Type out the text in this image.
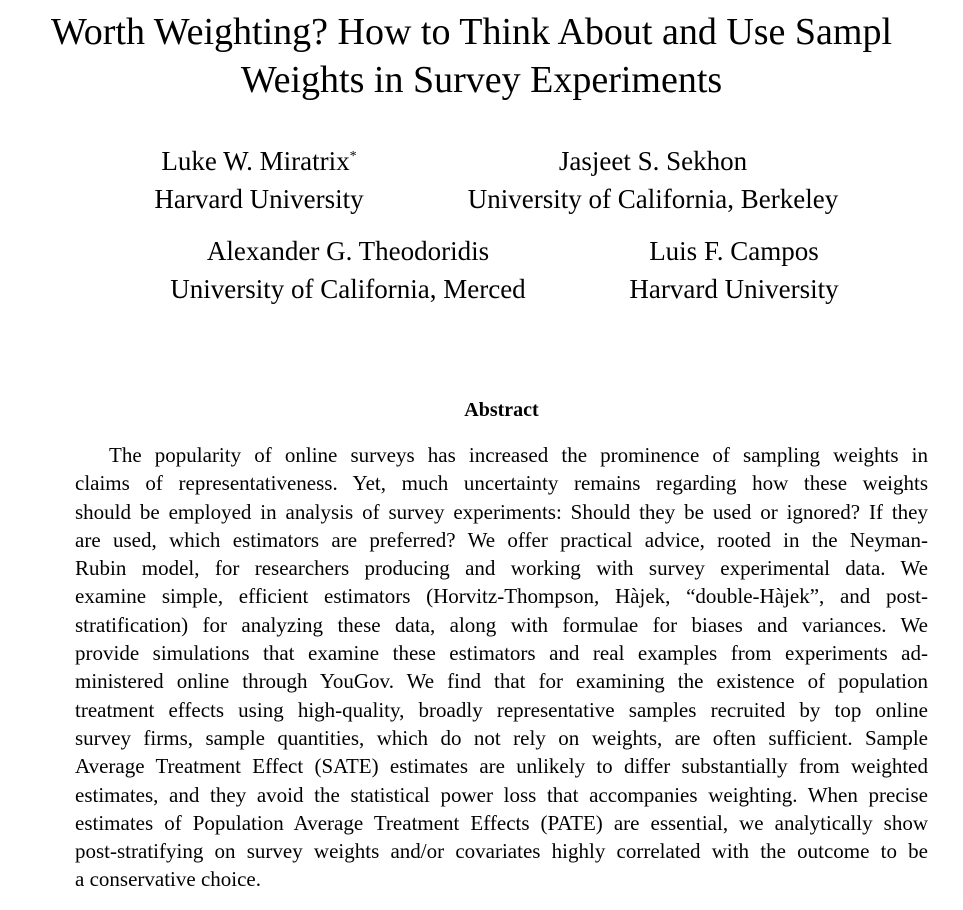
Worth Weighting? How to Think About and Use Sampl
Weights in Survey Experiments
Luke W. Miratrix*
Harvard University
Jasjeet S. Sekhon
University of California, Berkeley
Alexander G. Theodoridis
University of California, Merced
Luis F. Campos
Harvard University
Abstract
The popularity of online surveys has increased the prominence of sampling weights in
claims of representativeness. Yet, much uncertainty remains regarding how these weights
should be employed in analysis of survey experiments: Should they be used or ignored? If they
are used, which estimators are preferred? We offer practical advice, rooted in the Neyman-
Rubin model, for researchers producing and working with survey experimental data. We
examine simple, efficient estimators (Horvitz-Thompson, Hàjek, “double-Hàjek”, and post-
stratification) for analyzing these data, along with formulae for biases and variances. We
provide simulations that examine these estimators and real examples from experiments ad-
ministered online through YouGov. We find that for examining the existence of population
treatment effects using high-quality, broadly representative samples recruited by top online
survey firms, sample quantities, which do not rely on weights, are often sufficient. Sample
Average Treatment Effect (SATE) estimates are unlikely to differ substantially from weighted
estimates, and they avoid the statistical power loss that accompanies weighting. When precise
estimates of Population Average Treatment Effects (PATE) are essential, we analytically show
post-stratifying on survey weights and/or covariates highly correlated with the outcome to be
a conservative choice.
